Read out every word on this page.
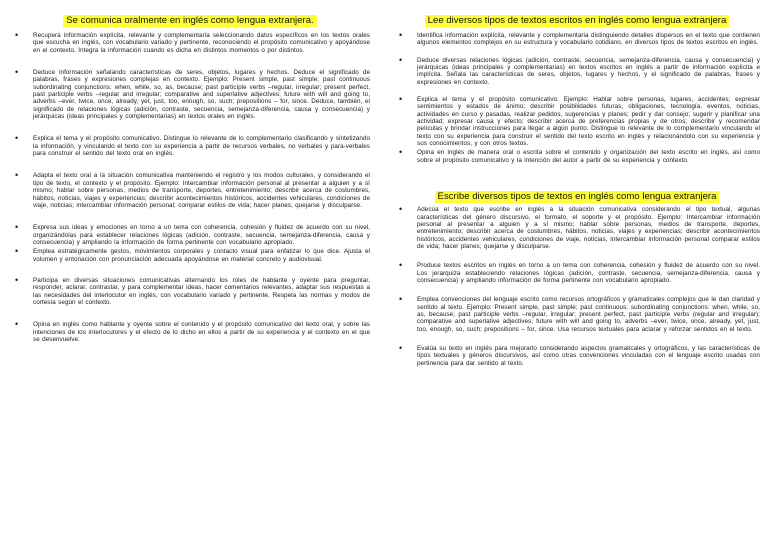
Se comunica oralmente en inglés como lengua extranjera.
• Recupera información explícita, relevante y complementaria seleccionando datos específicos en los textos orales que escucha en inglés, con vocabulario variado y pertinente, reconociendo el propósito comunicativo y apoyándose en el contexto. Integra la información cuando es dicha en distintos momentos o por distintos.
• Deduce información señalando características de seres, objetos, lugares y hechos. Deduce el significado de palabras, frases y expresiones complejas en contexto. Ejemplo: Present simple, past simple; past continuous subordinating conjunctions: when, while, so, as, because; past participle verbs –regular, irregular; present perfect, past participle verbs –regular and irregular; comparative and superlative adjectives; future with will and going to, adverbs –ever, twice, once, already, yet, just, too, enough, so, such; prepositions – for, since. Deduce, también, el significado de relaciones lógicas (adición, contraste, secuencia, semejanza-diferencia, causa y consecuencia) y jerárquicas (ideas principales y complementarias) en textos orales en inglés.
• Explica el tema y el propósito comunicativo. Distingue lo relevante de lo complementario clasificando y sintetizando la información, y vinculando el texto con su experiencia a partir de recursos verbales, no verbales y para-verbales para construir el sentido del texto oral en inglés.
• Adapta el texto oral a la situación comunicativa manteniendo el registro y los modos culturales, y considerando el tipo de texto, el contexto y el propósito. Ejemplo: Intercambiar información personal al presentar a alguien y a sí mismo; hablar sobre personas, medios de transporte, deportes, entretenimiento; describir acerca de costumbres, hábitos, noticias, viajes y experiencias; describir acontecimientos históricos, accidentes vehiculares, condiciones de viaje, noticias; intercambiar información personal; comparar estilos de vida; hacer planes; quejarse y disculparse.
• Expresa sus ideas y emociones en torno a un tema con coherencia, cohesión y fluidez de acuerdo con su nivel, organizándolas para establecer relaciones lógicas (adición, contraste, secuencia, semejanza-diferencia, causa y consecuencia) y ampliando la información de forma pertinente con vocabulario apropiado.
• Emplea estratégicamente gestos, movimientos corporales y contacto visual para enfatizar lo que dice. Ajusta el volumen y entonación con pronunciación adecuada apoyándose en material concreto y audiovisual.
• Participa en diversas situaciones comunicativas alternando los roles de hablante y oyente para preguntar, responder, aclarar, contrastar, y para complementar ideas, hacer comentarios relevantes, adaptar sus respuestas a las necesidades del interlocutor en inglés, con vocabulario variado y pertinente. Respeta las normas y modos de cortesía según el contexto.
• Opina en inglés como hablante y oyente sobre el contenido y el propósito comunicativo del texto oral, y sobre las intenciones de los interlocutores y el efecto de lo dicho en ellos a partir de su experiencia y el contexto en el que se desenvuelve.
Lee diversos tipos de textos escritos en inglés como lengua extranjera
• Identifica información explícita, relevante y complementaria distinguiendo detalles dispersos en el texto que contienen algunos elementos complejos en su estructura y vocabulario cotidiano, en diversos tipos de textos escritos en inglés.
• Deduce diversas relaciones lógicas (adición, contraste, secuencia, semejanza-diferencia, causa y consecuencia) y jerárquicas (ideas principales y complementarias) en textos escritos en inglés a partir de información explícita e implícita. Señala las características de seres, objetos, lugares y hechos, y el significado de palabras, frases y expresiones en contexto.
• Explica el tema y el propósito comunicativo. Ejemplo: Hablar sobre personas, lugares, accidentes; expresar sentimientos y estados de ánimo; describir posibilidades futuras, obligaciones, tecnología, eventos, noticias, actividades en curso y pasadas, realizar pedidos, sugerencias y planes; pedir y dar consejo; sugerir y planificar una actividad; expresar causa y efecto; describir acerca de preferencias propias y de otros; describir y recomendar películas y brindar instrucciones para llegar a algún punto. Distingue lo relevante de lo complementario vinculando el texto con su experiencia para construir el sentido del texto escrito en inglés y relacionándolo con su experiencia y sus conocimientos, y con otros textos.
• Opina en inglés de manera oral o escrita sobre el contenido y organización del texto escrito en inglés, así como sobre el propósito comunicativo y la intención del autor a partir de su experiencia y contexto.
Escribe diversos tipos de textos en inglés como lengua extranjera
• Adecúa el texto que escribe en inglés a la situación comunicativa considerando el tipo textual, algunas características del género discursivo, el formato, el soporte y el propósito. Ejemplo: Intercambiar información personal al presentar a alguien y a sí mismo; hablar sobre personas, medios de transporte, deportes, entretenimiento; describir acerca de costumbres, hábitos, noticias, viajes y experiencias; describir acontecimientos históricos, accidentes vehiculares, condiciones de viaje, noticias, intercambiar información personal comparar estilos de vida; hacer planes; quejarse y disculparse.
• Produce textos escritos en inglés en torno a un tema con coherencia, cohesión y fluidez de acuerdo con su nivel. Los jerarquiza estableciendo relaciones lógicas (adición, contraste, secuencia, semejanza-diferencia, causa y consecuencia) y ampliando información de forma pertinente con vocabulario apropiado.
• Emplea convenciones del lenguaje escrito como recursos ortográficos y gramaticales complejos que le dan claridad y sentido al texto. Ejemplo: Present simple, past simple; past continuous; subordinating conjunctions: when, while, so, as, because; past participle verbs –regular, irregular; present perfect, past participle verbs (regular and irregular); comparative and superlative adjectives; future with will and going to, adverbs –ever, twice, once, already, yet, just, too, enough, so, such; prepositions – for, since. Usa recursos textuales para aclarar y reforzar sentidos en el texto.
• Evalúa su texto en inglés para mejorarlo considerando aspectos gramaticales y ortográficos, y las características de tipos textuales y géneros discursivos, así como otras convenciones vinculadas con el lenguaje escrito usadas con pertinencia para dar sentido al texto.
